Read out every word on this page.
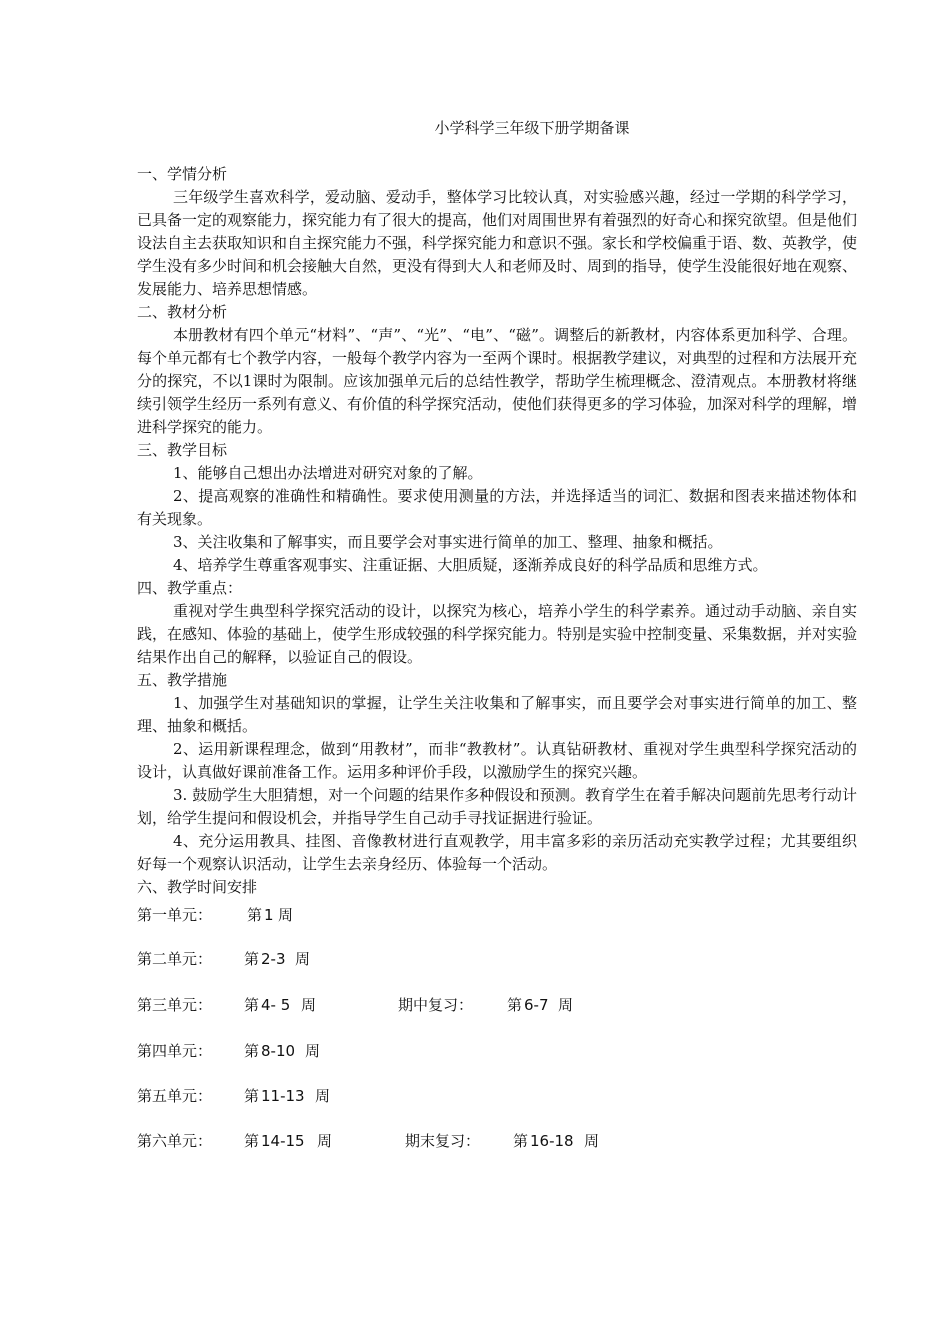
小学科学三年级下册学期备课

一、学情分析

三年级学生喜欢科学，爱动脑、爱动手，整体学习比较认真，对实验感兴趣，经过一学期的科学学习， 已具备一定的观察能力，探究能力有了很大的提高，他们对周围世界有着强烈的好奇心和探究欲望。但是他们设法自主去获取知识和自主探究能力不强，科学探究能力和意识不强。家长和学校偏重于语、数、英教学，使学生没有多少时间和机会接触大自然，更没有得到大人和老师及时、周到的指导，使学生没能很好地在观察、发展能力、培养思想情感。

二、教材分析

本册教材有四个单元“材料”、“声”、“光”、“电”、“磁”。调整后的新教材，内容体系更加科学、合理。每个单元都有七个教学内容，一般每个教学内容为一至两个课时。根据教学建议，对典型的过程和方法展开充分的探究，不以1课时为限制。应该加强单元后的总结性教学，帮助学生梳理概念、澄清观点。本册教材将继续引领学生经历一系列有意义、有价值的科学探究活动，使他们获得更多的学习体验，加深对科学的理解，增进科学探究的能力。

三、教学目标

1、能够自己想出办法增进对研究对象的了解。

2、提高观察的准确性和精确性。要求使用测量的方法，并选择适当的词汇、数据和图表来描述物体和有关现象。

3、关注收集和了解事实，而且要学会对事实进行简单的加工、整理、抽象和概括。

4、培养学生尊重客观事实、注重证据、大胆质疑，逐渐养成良好的科学品质和思维方式。

四、教学重点：

重视对学生典型科学探究活动的设计，以探究为核心，培养小学生的科学素养。通过动手动脑、亲自实践，在感知、体验的基础上，使学生形成较强的科学探究能力。特别是实验中控制变量、采集数据，并对实验结果作出自己的解释，以验证自己的假设。

五、教学措施

1、加强学生对基础知识的掌握，让学生关注收集和了解事实，而且要学会对事实进行简单的加工、整理、抽象和概括。

2、运用新课程理念，做到“用教材”，而非“教教材”。认真钻研教材、重视对学生典型科学探究活动的设计，认真做好课前准备工作。运用多种评价手段，以激励学生的探究兴趣。

3. 鼓励学生大胆猜想，对一个问题的结果作多种假设和预测。教育学生在着手解决问题前先思考行动计划，给学生提问和假设机会，并指导学生自己动手寻找证据进行验证。

4、充分运用教具、挂图、音像教材进行直观教学，用丰富多彩的亲历活动充实教学过程；尤其要组织好每一个观察认识活动，让学生去亲身经历、体验每一个活动。

六、教学时间安排

第一单元： 第 1 周
第二单元： 第 2-3 周
第三单元： 第 4- 5 周	期中复习： 第 6-7 周
第四单元： 第 8-10 周
第五单元： 第 11-13 周
第六单元： 第 14-15 周	期末复习： 第 16-18 周
